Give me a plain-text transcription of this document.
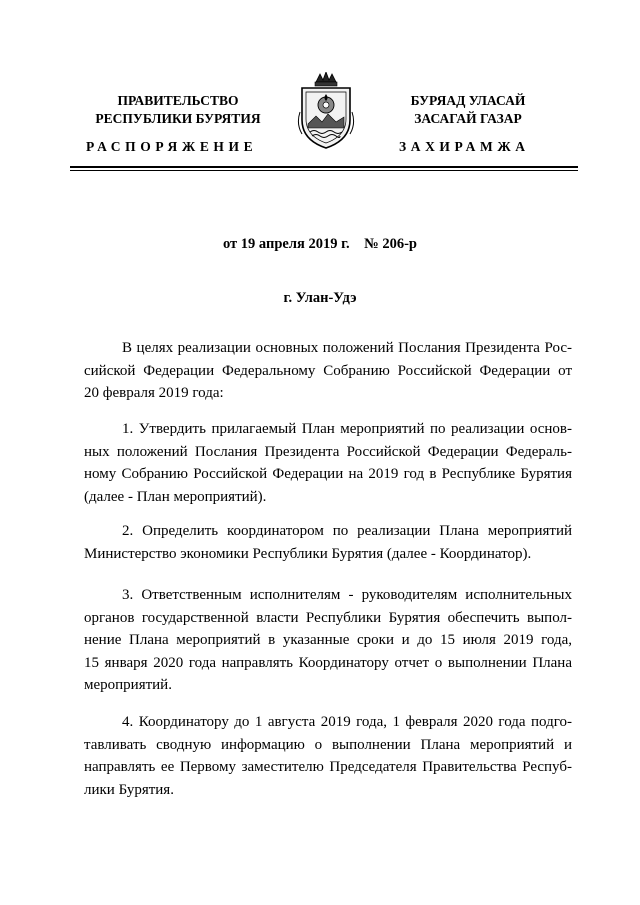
ПРАВИТЕЛЬСТВО
РЕСПУБЛИКИ БУРЯТИЯ
БУРЯАД УЛАСАЙ
ЗАСАГАЙ ГАЗАР
РАСПОРЯЖЕНИЕ	ЗАХИРАМЖА
от 19 апреля 2019 г.    № 206-р
г. Улан-Удэ
В целях реализации основных положений Послания Президента Рос-
сийской Федерации Федеральному Собранию Российской Федерации от
20 февраля 2019 года:
1. Утвердить прилагаемый План мероприятий по реализации основ-
ных положений Послания Президента Российской Федерации Федераль-
ному Собранию Российской Федерации на 2019 год в Республике Бурятия
(далее - План мероприятий).
2. Определить координатором по реализации Плана мероприятий
Министерство экономики Республики Бурятия (далее - Координатор).
3. Ответственным исполнителям - руководителям исполнительных
органов государственной власти Республики Бурятия обеспечить выпол-
нение Плана мероприятий в указанные сроки и до 15 июля 2019 года,
15 января 2020 года направлять Координатору отчет о выполнении Плана
мероприятий.
4. Координатору до 1 августа 2019 года, 1 февраля 2020 года подго-
тавливать сводную информацию о выполнении Плана мероприятий и
направлять ее Первому заместителю Председателя Правительства Респуб-
лики Бурятия.
